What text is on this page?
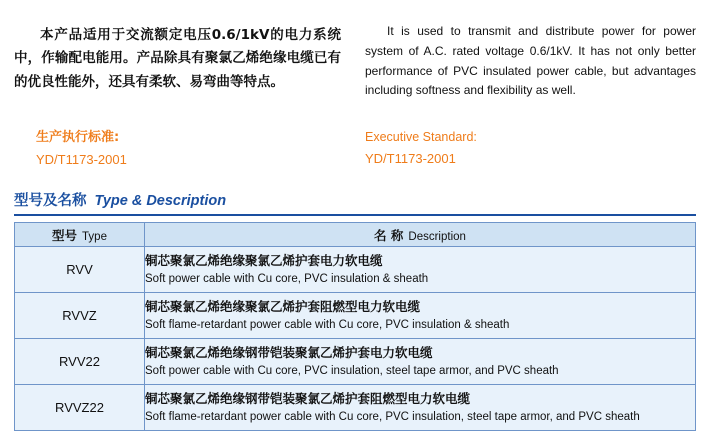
本产品适用于交流额定电压0.6/1kV的电力系统中，作输配电能用。产品除具有聚氯乙烯绝缘电缆已有的优良性能外，还具有柔软、易弯曲等特点。

It is used to transmit and distribute power for power system of A.C. rated voltage 0.6/1kV. It has not only better performance of PVC insulated power cable, but advantages including softness and flexibility as well.

生产执行标准:
YD/T1173-2001
Executive Standard:
YD/T1173-2001
型号及名称 Type & Description
型号 Type	名 称 Description
RVV	铜芯聚氯乙烯绝缘聚氯乙烯护套电力软电缆
Soft power cable with Cu core, PVC insulation & sheath

RVVZ	铜芯聚氯乙烯绝缘聚氯乙烯护套阻燃型电力软电缆
Soft flame-retardant power cable with Cu core, PVC insulation & sheath

RVV22	铜芯聚氯乙烯绝缘钢带铠装聚氯乙烯护套电力软电缆
Soft power cable with Cu core, PVC insulation, steel tape armor, and PVC sheath

RVVZ22	铜芯聚氯乙烯绝缘钢带铠装聚氯乙烯护套阻燃型电力软电缆
Soft flame-retardant power cable with Cu core, PVC insulation, steel tape armor, and PVC sheath
